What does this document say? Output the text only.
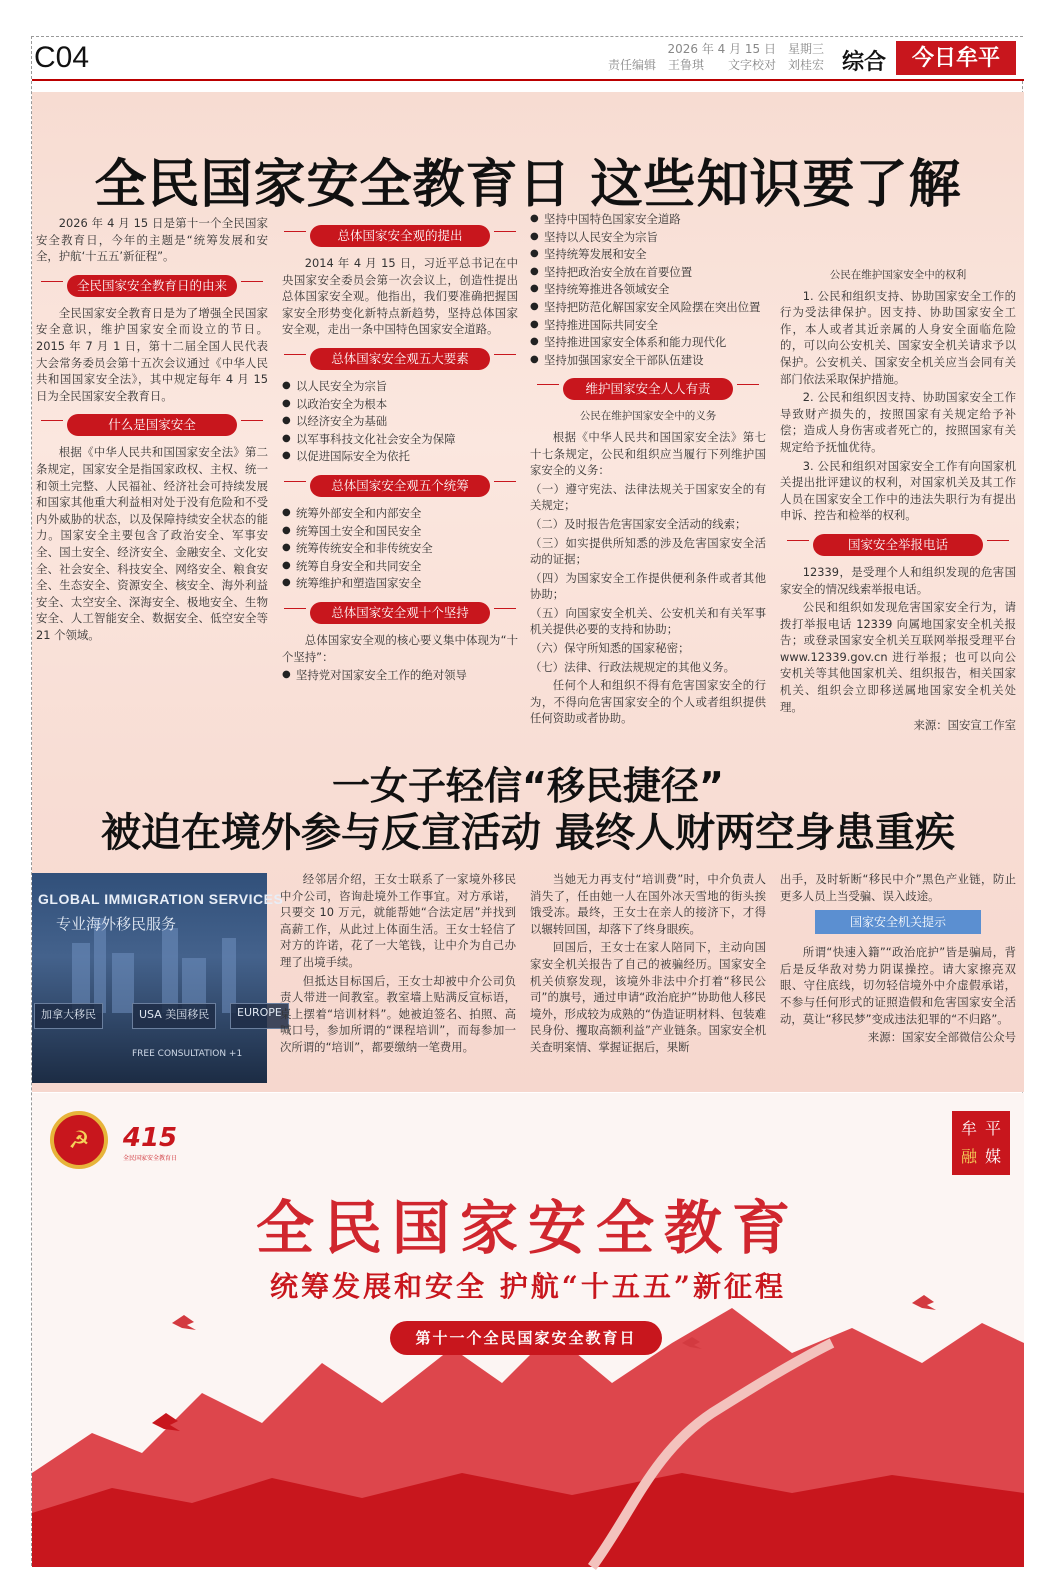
C04	2026 年 4 月 15 日　星期三
责任编辑　王鲁琪　　文字校对　刘桂宏 综合	今日牟平
全民国家安全教育日 这些知识要了解

2026 年 4 月 15 日是第十一个全民国家安全教育日，今年的主题是“统筹发展和安全，护航‘十五五’新征程”。

全民国家安全教育日的由来

全民国家安全教育日是为了增强全民国家安全意识，维护国家安全而设立的节日。2015 年 7 月 1 日，第十二届全国人民代表大会常务委员会第十五次会议通过《中华人民共和国国家安全法》，其中规定每年 4 月 15 日为全民国家安全教育日。

什么是国家安全

根据《中华人民共和国国家安全法》第二条规定，国家安全是指国家政权、主权、统一和领土完整、人民福祉、经济社会可持续发展和国家其他重大利益相对处于没有危险和不受内外威胁的状态，以及保障持续安全状态的能力。国家安全主要包含了政治安全、军事安全、国土安全、经济安全、金融安全、文化安全、社会安全、科技安全、网络安全、粮食安全、生态安全、资源安全、核安全、海外利益安全、太空安全、深海安全、极地安全、生物安全、人工智能安全、数据安全、低空安全等 21 个领域。

总体国家安全观的提出

2014 年 4 月 15 日，习近平总书记在中央国家安全委员会第一次会议上，创造性提出总体国家安全观。他指出，我们要准确把握国家安全形势变化新特点新趋势，坚持总体国家安全观，走出一条中国特色国家安全道路。

总体国家安全观五大要素
● 以人民安全为宗旨
● 以政治安全为根本
● 以经济安全为基础
● 以军事科技文化社会安全为保障
● 以促进国际安全为依托
总体国家安全观五个统筹
● 统筹外部安全和内部安全
● 统筹国土安全和国民安全
● 统筹传统安全和非传统安全
● 统筹自身安全和共同安全
● 统筹维护和塑造国家安全
总体国家安全观十个坚持

总体国家安全观的核心要义集中体现为“十个坚持”：

● 坚持党对国家安全工作的绝对领导
● 坚持中国特色国家安全道路
● 坚持以人民安全为宗旨
● 坚持统筹发展和安全
● 坚持把政治安全放在首要位置
● 坚持统筹推进各领域安全
● 坚持把防范化解国家安全风险摆在突出位置
● 坚持推进国际共同安全
● 坚持推进国家安全体系和能力现代化
● 坚持加强国家安全干部队伍建设
维护国家安全人人有责
公民在维护国家安全中的义务

根据《中华人民共和国国家安全法》第七十七条规定，公民和组织应当履行下列维护国家安全的义务：

（一）遵守宪法、法律法规关于国家安全的有关规定；

（二）及时报告危害国家安全活动的线索；

（三）如实提供所知悉的涉及危害国家安全活动的证据；

（四）为国家安全工作提供便利条件或者其他协助；

（五）向国家安全机关、公安机关和有关军事机关提供必要的支持和协助；

（六）保守所知悉的国家秘密；

（七）法律、行政法规规定的其他义务。

任何个人和组织不得有危害国家安全的行为，不得向危害国家安全的个人或者组织提供任何资助或者协助。

公民在维护国家安全中的权利

1. 公民和组织支持、协助国家安全工作的行为受法律保护。因支持、协助国家安全工作，本人或者其近亲属的人身安全面临危险的，可以向公安机关、国家安全机关请求予以保护。公安机关、国家安全机关应当会同有关部门依法采取保护措施。

2. 公民和组织因支持、协助国家安全工作导致财产损失的，按照国家有关规定给予补偿；造成人身伤害或者死亡的，按照国家有关规定给予抚恤优待。

3. 公民和组织对国家安全工作有向国家机关提出批评建议的权利，对国家机关及其工作人员在国家安全工作中的违法失职行为有提出申诉、控告和检举的权利。

国家安全举报电话

12339，是受理个人和组织发现的危害国家安全的情况线索举报电话。

公民和组织如发现危害国家安全行为，请拨打举报电话 12339 向属地国家安全机关报告；或登录国家安全机关互联网举报受理平台 www.12339.gov.cn 进行举报；也可以向公安机关等其他国家机关、组织报告，相关国家机关、组织会立即移送属地国家安全机关处理。

来源：国安宣工作室

一女子轻信“移民捷径”
被迫在境外参与反宣活动 最终人财两空身患重疾
GLOBAL IMMIGRATION SERVICES
专业海外移民服务
加拿大移民	USA 美国移民	EUROPE
FREE CONSULTATION +1

经邻居介绍，王女士联系了一家境外移民中介公司，咨询赴境外工作事宜。对方承诺，只要交 10 万元，就能帮她“合法定居”并找到高薪工作，从此过上体面生活。王女士轻信了对方的许诺，花了一大笔钱，让中介为自己办理了出境手续。

但抵达目标国后，王女士却被中介公司负责人带进一间教室。教室墙上贴满反宣标语，桌上摆着“培训材料”。她被迫签名、拍照、高喊口号，参加所谓的“课程培训”，而每参加一次所谓的“培训”，都要缴纳一笔费用。

当她无力再支付“培训费”时，中介负责人消失了，任由她一人在国外冰天雪地的街头挨饿受冻。最终，王女士在亲人的接济下，才得以辗转回国，却落下了终身眼疾。

回国后，王女士在家人陪同下，主动向国家安全机关报告了自己的被骗经历。国家安全机关侦察发现，该境外非法中介打着“移民公司”的旗号，通过申请“政治庇护”协助他人移民境外，形成较为成熟的“伪造证明材料、包装难民身份、攫取高额利益”产业链条。国家安全机关查明案情、掌握证据后，果断

出手，及时斩断“移民中介”黑色产业链，防止更多人员上当受骗、误入歧途。

国家安全机关提示

所谓“快速入籍”“政治庇护”皆是骗局，背后是反华敌对势力阴谋操控。请大家擦亮双眼、守住底线，切勿轻信境外中介虚假承诺，不参与任何形式的证照造假和危害国家安全活动，莫让“移民梦”变成违法犯罪的“不归路”。

来源：国家安全部微信公众号

☭	415
全民国家安全教育日
牟 平
融 媒
全民国家安全教育
统筹发展和安全 护航“十五五”新征程
第十一个全民国家安全教育日
